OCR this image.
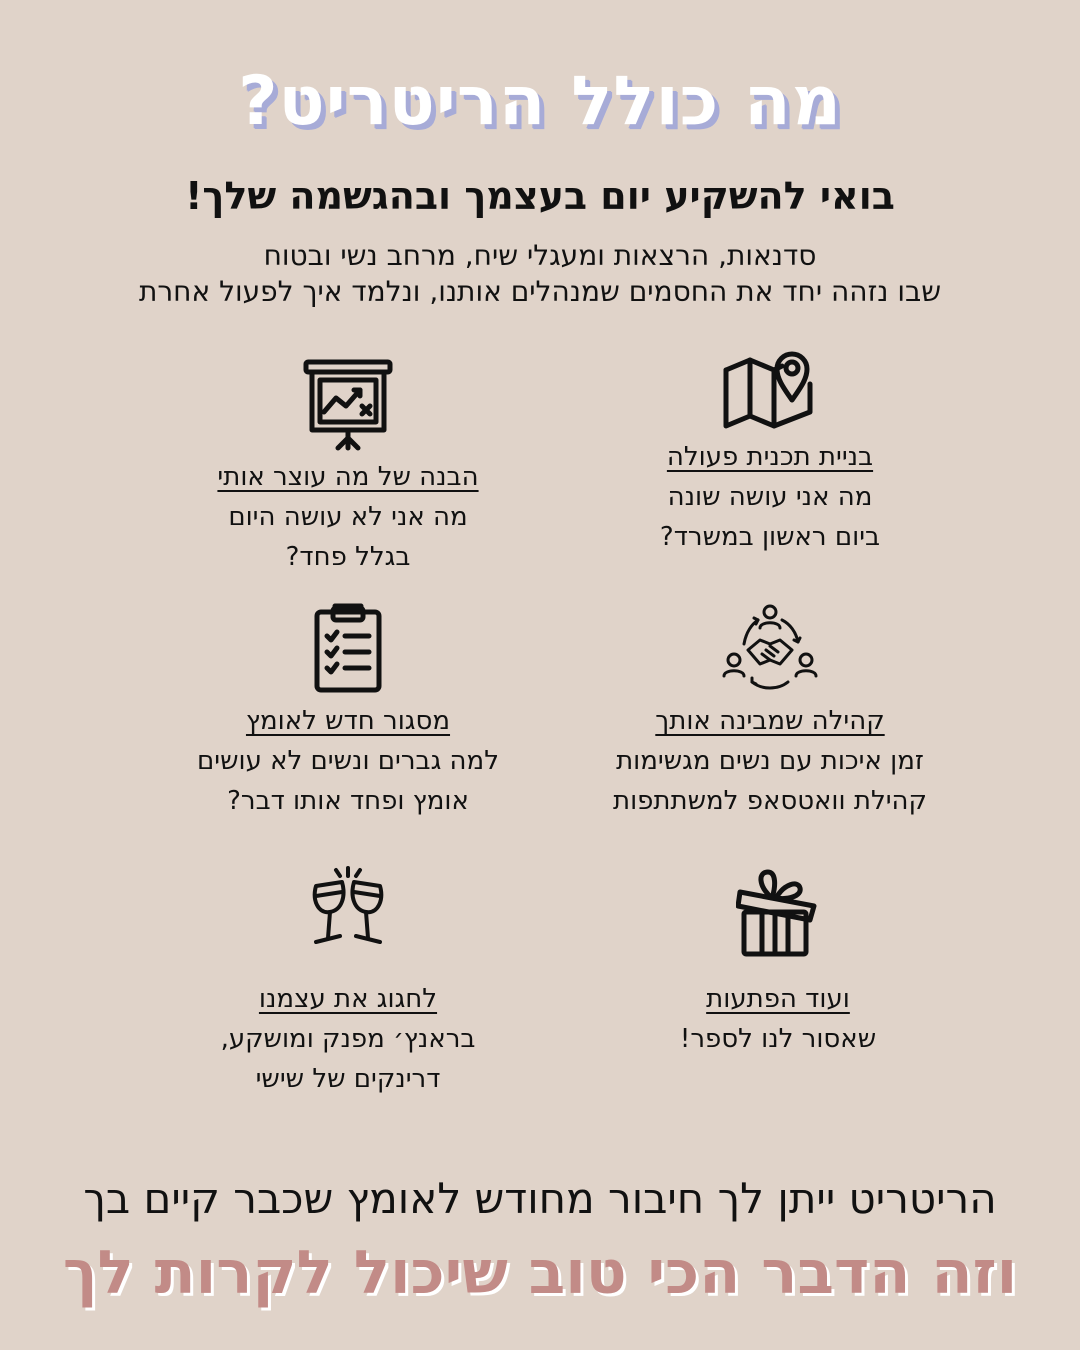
מה כולל הריטריט?
בואי להשקיע יום בעצמך ובהגשמה שלך!
סדנאות, הרצאות ומעגלי שיח, מרחב נשי ובטוח
שבו נזהה יחד את החסמים שמנהלים אותנו, ונלמד איך לפעול אחרת
בניית תכנית פעולה
מה אני עושה שונה
ביום ראשון במשרד?
הבנה של מה עוצר אותי
מה אני לא עושה היום
בגלל פחד?
קהילה שמבינה אותך
זמן איכות עם נשים מגשימות
קהילת וואטסאפ למשתתפות
מסגור חדש לאומץ
למה גברים ונשים לא עושים
אומץ ופחד אותו דבר?
ועוד הפתעות
שאסור לנו לספר!
לחגוג את עצמנו
בראנץ׳ מפנק ומושקע,
דרינקים של שישי
הריטריט ייתן לך חיבור מחודש לאומץ שכבר קיים בך
וזה הדבר הכי טוב שיכול לקרות לך
